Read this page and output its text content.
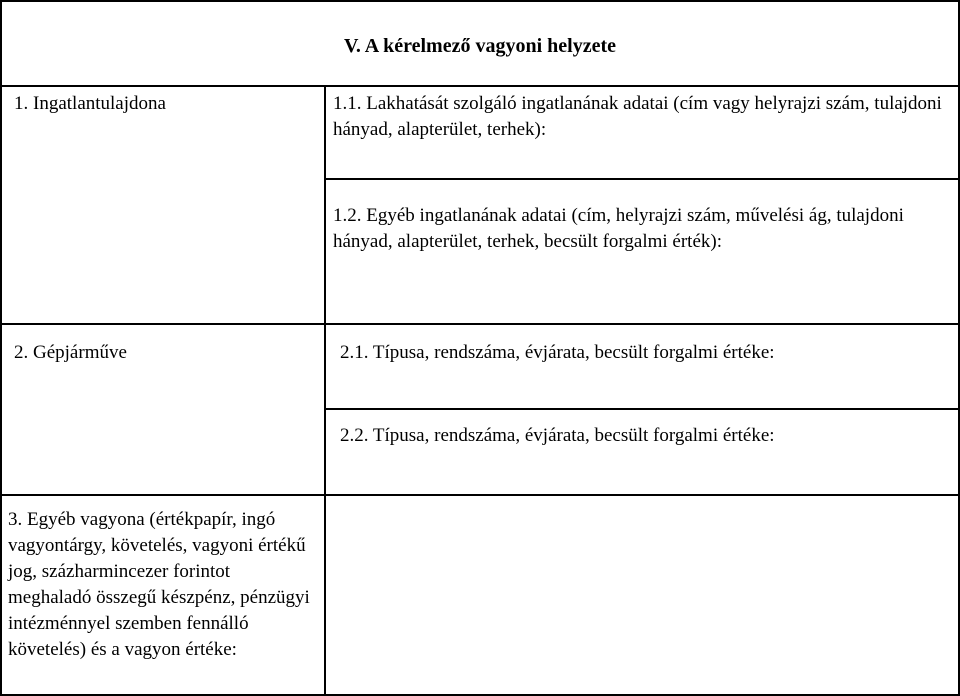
V. A kérelmező vagyoni helyzete
1. Ingatlantulajdona	1.1. Lakhatását szolgáló ingatlanának adatai (cím vagy helyrajzi szám, tulajdoni hányad, alapterület, terhek):
1.2. Egyéb ingatlanának adatai (cím, helyrajzi szám, művelési ág, tulajdoni hányad, alapterület, terhek, becsült forgalmi érték):
2. Gépjárműve	2.1. Típusa, rendszáma, évjárata, becsült forgalmi értéke:
2.2. Típusa, rendszáma, évjárata, becsült forgalmi értéke:
3. Egyéb vagyona (értékpapír, ingó vagyontárgy, követelés, vagyoni értékű jog, százharmincezer forintot meghaladó összegű készpénz, pénzügyi intézménnyel szemben fennálló követelés) és a vagyon értéke:
